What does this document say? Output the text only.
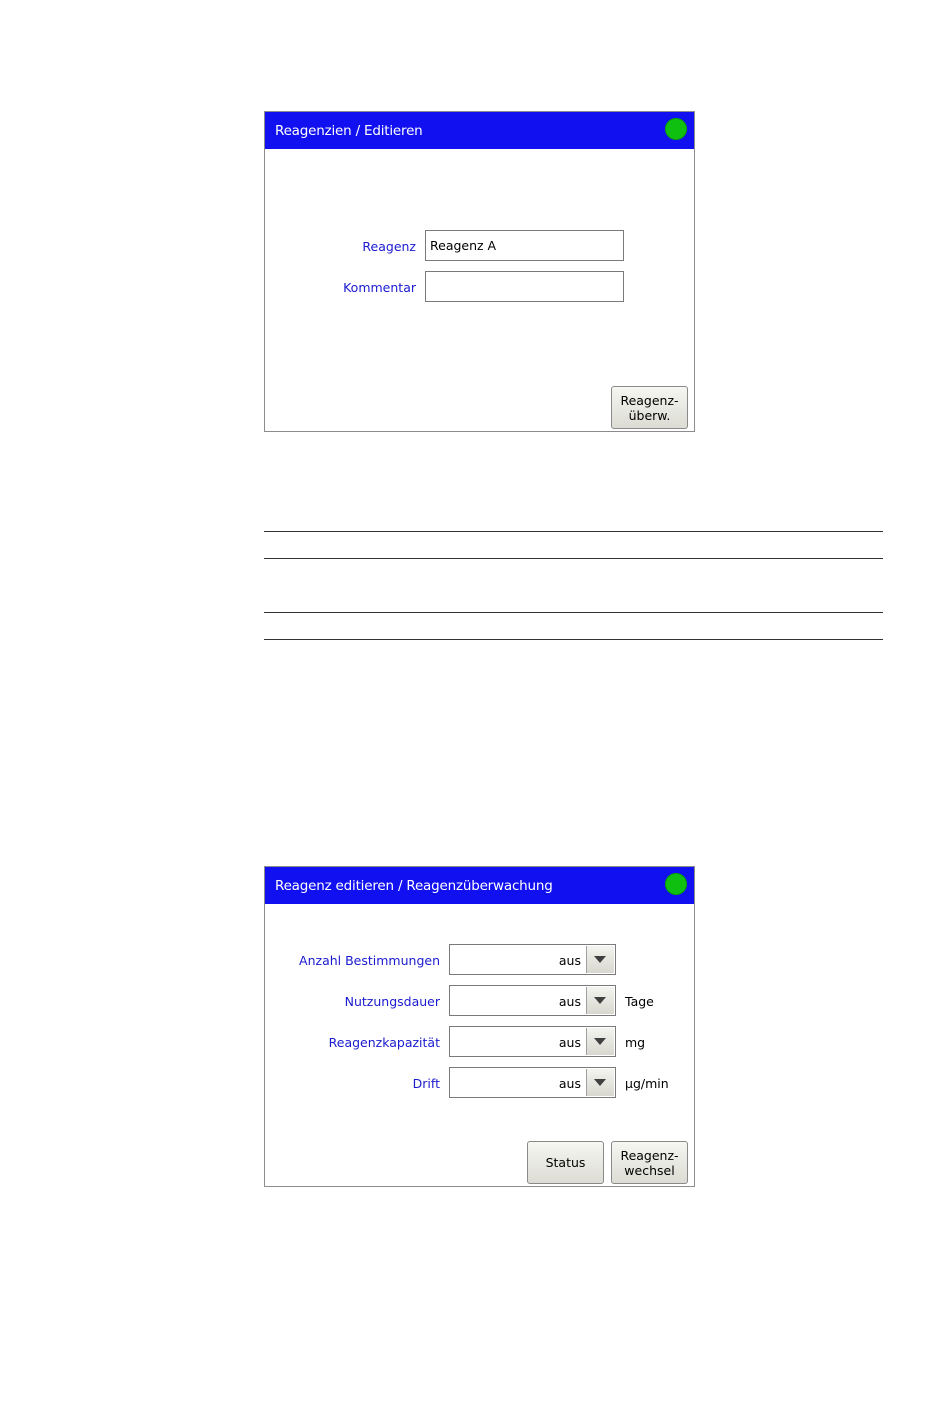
Reagenzien / Editieren
Reagenz	Reagenz A
Kommentar
Reagenz-
überw.
Reagenz editieren / Reagenzüberwachung
Anzahl Bestimmungen	aus
Nutzungsdauer	aus	Tage
Reagenzkapazität	aus	mg
Drift	aus	µg/min
Status	Reagenz-
wechsel
